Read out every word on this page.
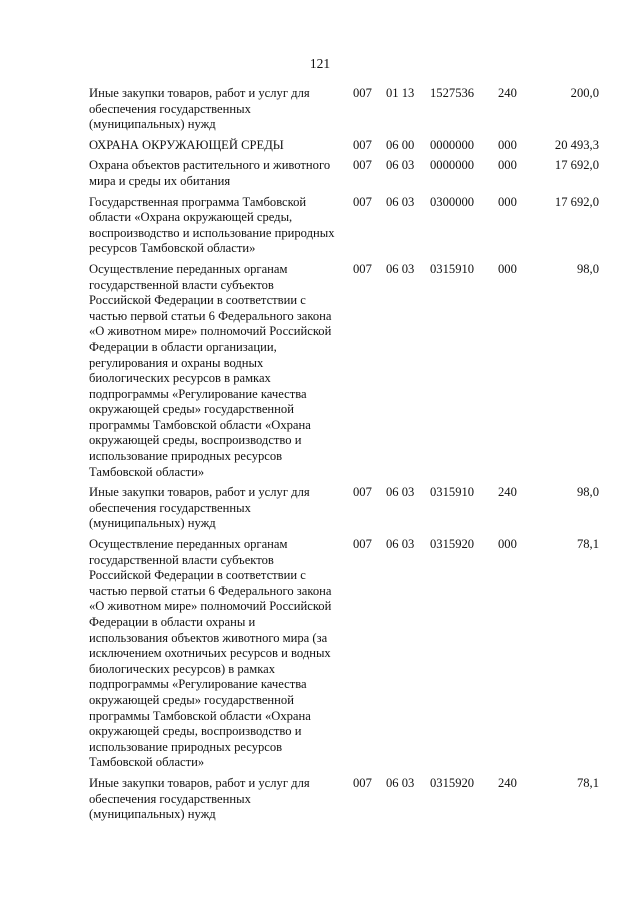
121
Иные закупки товаров, работ и услуг для обеспечения государственных (муниципальных) нужд	007	01 13	1527536	240	200,0

ОХРАНА ОКРУЖАЮЩЕЙ СРЕДЫ	007	06 00	0000000	000	20 493,3

Охрана объектов растительного и животного мира и среды их обитания	007	06 03	0000000	000	17 692,0

Государственная программа Тамбовской области «Охрана окружающей среды, воспроизводство и использование природных ресурсов Тамбовской области»	007	06 03	0300000	000	17 692,0

Осуществление переданных органам государственной власти субъектов Российской Федерации в соответствии с частью первой статьи 6 Федерального закона «О животном мире» полномочий Российской Федерации в области организации, регулирования и охраны водных биологических ресурсов в рамках подпрограммы «Регулирование качества окружающей среды» государственной программы Тамбовской области «Охрана окружающей среды, воспроизводство и использование природных ресурсов Тамбовской области»	007	06 03	0315910	000	98,0

Иные закупки товаров, работ и услуг для обеспечения государственных (муниципальных) нужд	007	06 03	0315910	240	98,0

Осуществление переданных органам государственной власти субъектов Российской Федерации в соответствии с частью первой статьи 6 Федерального закона «О животном мире» полномочий Российской Федерации в области охраны и использования объектов животного мира (за исключением охотничьих ресурсов и водных биологических ресурсов) в рамках подпрограммы «Регулирование качества окружающей среды» государственной программы Тамбовской области «Охрана окружающей среды, воспроизводство и использование природных ресурсов Тамбовской области»	007	06 03	0315920	000	78,1

Иные закупки товаров, работ и услуг для обеспечения государственных (муниципальных) нужд	007	06 03	0315920	240	78,1
